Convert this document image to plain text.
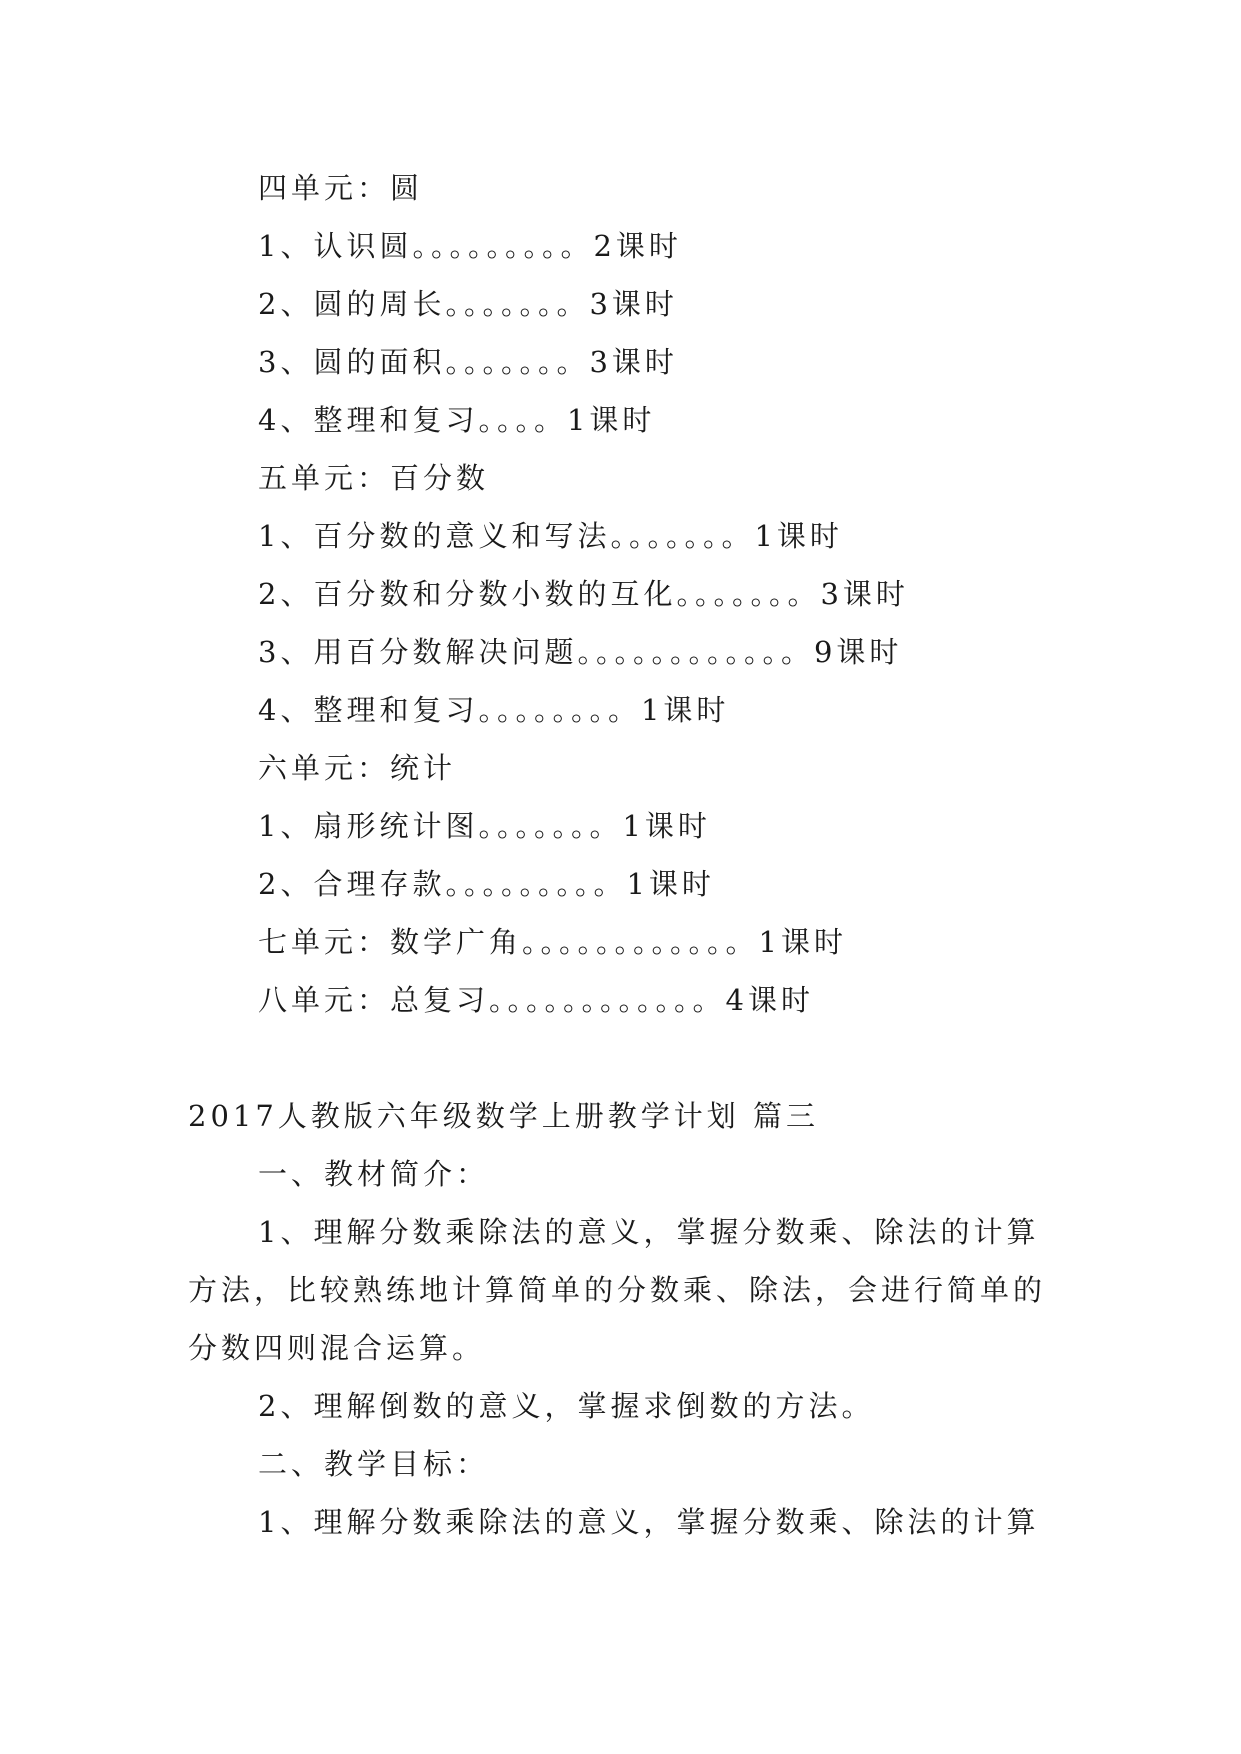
四单元：圆
1、认识圆。。。。。。。。。2课时
2、圆的周长。。。。。。。3课时
3、圆的面积。。。。。。。3课时
4、整理和复习。。。。1课时
五单元：百分数
1、百分数的意义和写法。。。。。。。1课时
2、百分数和分数小数的互化。。。。。。。3课时
3、用百分数解决问题。。。。。。。。。。。。9课时
4、整理和复习。。。。。。。。1课时
六单元：统计
1、扇形统计图。。。。。。。1课时
2、合理存款。。。。。。。。。1课时
七单元：数学广角。。。。。。。。。。。。1课时
八单元：总复习。。。。。。。。。。。。4课时
2017人教版六年级数学上册教学计划 篇三
一、教材简介：
1、理解分数乘除法的意义，掌握分数乘、除法的计算
方法，比较熟练地计算简单的分数乘、除法，会进行简单的
分数四则混合运算。
2、理解倒数的意义，掌握求倒数的方法。
二、教学目标：
1、理解分数乘除法的意义，掌握分数乘、除法的计算
